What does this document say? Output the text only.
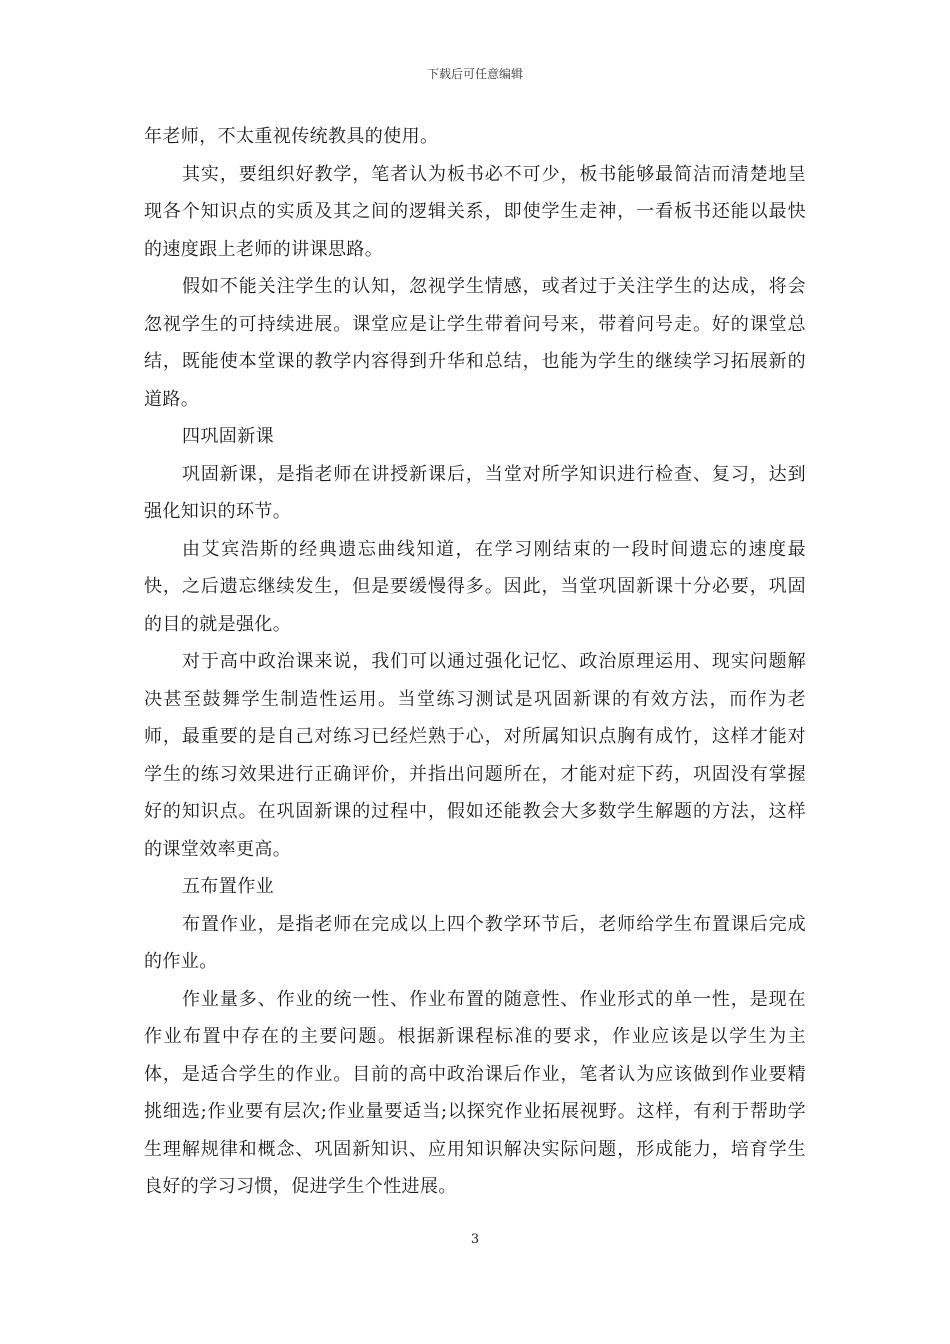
下载后可任意编辑

年老师，不太重视传统教具的使用。

其实，要组织好教学，笔者认为板书必不可少，板书能够最简洁而清楚地呈现各个知识点的实质及其之间的逻辑关系，即使学生走神，一看板书还能以最快的速度跟上老师的讲课思路。

假如不能关注学生的认知，忽视学生情感，或者过于关注学生的达成，将会忽视学生的可持续进展。课堂应是让学生带着问号来，带着问号走。好的课堂总结，既能使本堂课的教学内容得到升华和总结，也能为学生的继续学习拓展新的道路。

四巩固新课

巩固新课，是指老师在讲授新课后，当堂对所学知识进行检查、复习，达到强化知识的环节。

由艾宾浩斯的经典遗忘曲线知道，在学习刚结束的一段时间遗忘的速度最快，之后遗忘继续发生，但是要缓慢得多。因此，当堂巩固新课十分必要，巩固的目的就是强化。

对于高中政治课来说，我们可以通过强化记忆、政治原理运用、现实问题解决甚至鼓舞学生制造性运用。当堂练习测试是巩固新课的有效方法，而作为老师，最重要的是自己对练习已经烂熟于心，对所属知识点胸有成竹，这样才能对学生的练习效果进行正确评价，并指出问题所在，才能对症下药，巩固没有掌握好的知识点。在巩固新课的过程中，假如还能教会大多数学生解题的方法，这样的课堂效率更高。

五布置作业

布置作业，是指老师在完成以上四个教学环节后，老师给学生布置课后完成的作业。

作业量多、作业的统一性、作业布置的随意性、作业形式的单一性，是现在作业布置中存在的主要问题。根据新课程标准的要求，作业应该是以学生为主体，是适合学生的作业。目前的高中政治课后作业，笔者认为应该做到作业要精挑细选;作业要有层次;作业量要适当;以探究作业拓展视野。这样，有利于帮助学生理解规律和概念、巩固新知识、应用知识解决实际问题，形成能力，培育学生良好的学习习惯，促进学生个性进展。

3
